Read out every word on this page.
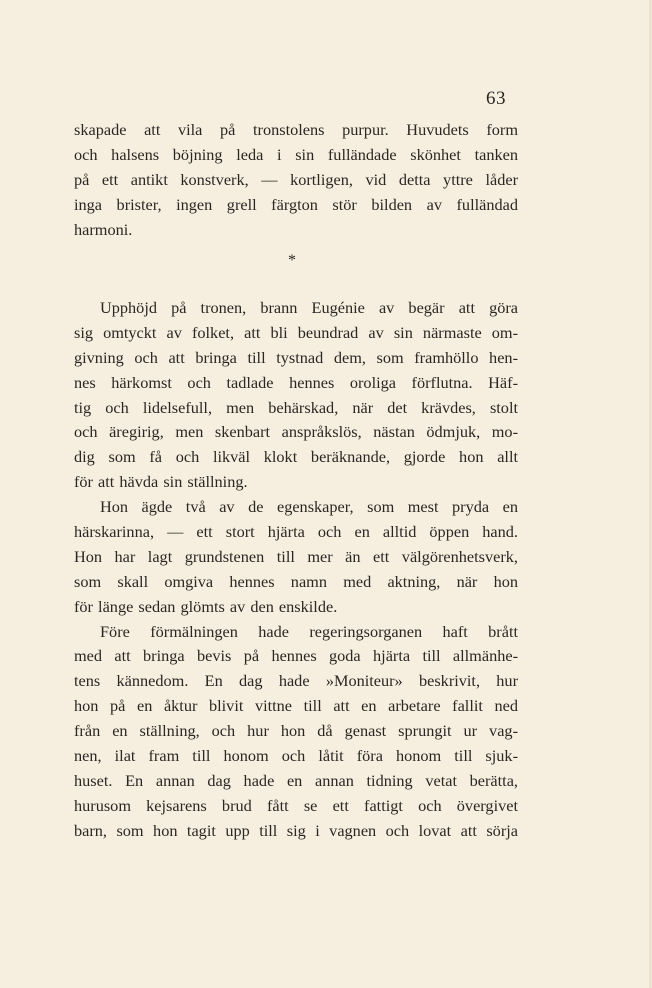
63
skapade att vila på tronstolens purpur. Huvudets form
och halsens böjning leda i sin fulländade skönhet tanken
på ett antikt konstverk, — kortligen, vid detta yttre låder
inga brister, ingen grell färgton stör bilden av fulländad
harmoni.
*
Upphöjd på tronen, brann Eugénie av begär att göra
sig omtyckt av folket, att bli beundrad av sin närmaste om-
givning och att bringa till tystnad dem, som framhöllo hen-
nes härkomst och tadlade hennes oroliga förflutna. Häf-
tig och lidelsefull, men behärskad, när det krävdes, stolt
och äregirig, men skenbart anspråkslös, nästan ödmjuk, mo-
dig som få och likväl klokt beräknande, gjorde hon allt
för att hävda sin ställning.
Hon ägde två av de egenskaper, som mest pryda en
härskarinna, — ett stort hjärta och en alltid öppen hand.
Hon har lagt grundstenen till mer än ett välgörenhetsverk,
som skall omgiva hennes namn med aktning, när hon
för länge sedan glömts av den enskilde.
Före förmälningen hade regeringsorganen haft brått
med att bringa bevis på hennes goda hjärta till allmänhe-
tens kännedom. En dag hade »Moniteur» beskrivit, hur
hon på en åktur blivit vittne till att en arbetare fallit ned
från en ställning, och hur hon då genast sprungit ur vag-
nen, ilat fram till honom och låtit föra honom till sjuk-
huset. En annan dag hade en annan tidning vetat berätta,
hurusom kejsarens brud fått se ett fattigt och övergivet
barn, som hon tagit upp till sig i vagnen och lovat att sörja
